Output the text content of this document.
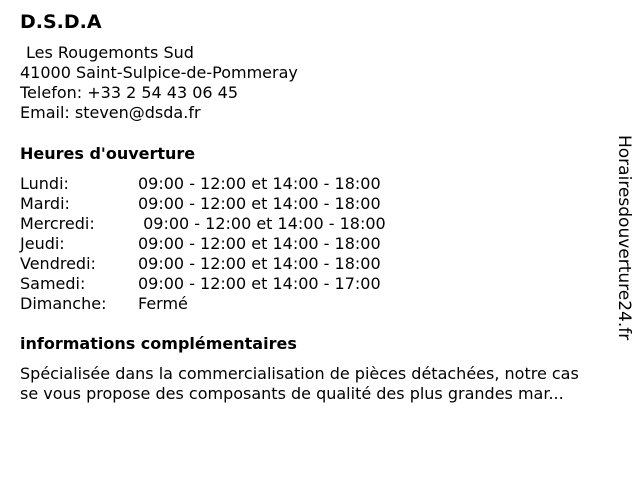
D.S.D.A
Les Rougemonts Sud
41000 Saint-Sulpice-de-Pommeray
Telefon: +33 2 54 43 06 45
Email: steven@dsda.fr
Heures d'ouverture
Lundi:	09:00 - 12:00 et 14:00 - 18:00
Mardi:	09:00 - 12:00 et 14:00 - 18:00
Mercredi:	09:00 - 12:00 et 14:00 - 18:00
Jeudi:	09:00 - 12:00 et 14:00 - 18:00
Vendredi:	09:00 - 12:00 et 14:00 - 18:00
Samedi:	09:00 - 12:00 et 14:00 - 17:00
Dimanche:	Fermé
informations complémentaires
Spécialisée dans la commercialisation de pièces détachées, notre cas
se vous propose des composants de qualité des plus grandes mar...
Horairesdouverture24.fr
